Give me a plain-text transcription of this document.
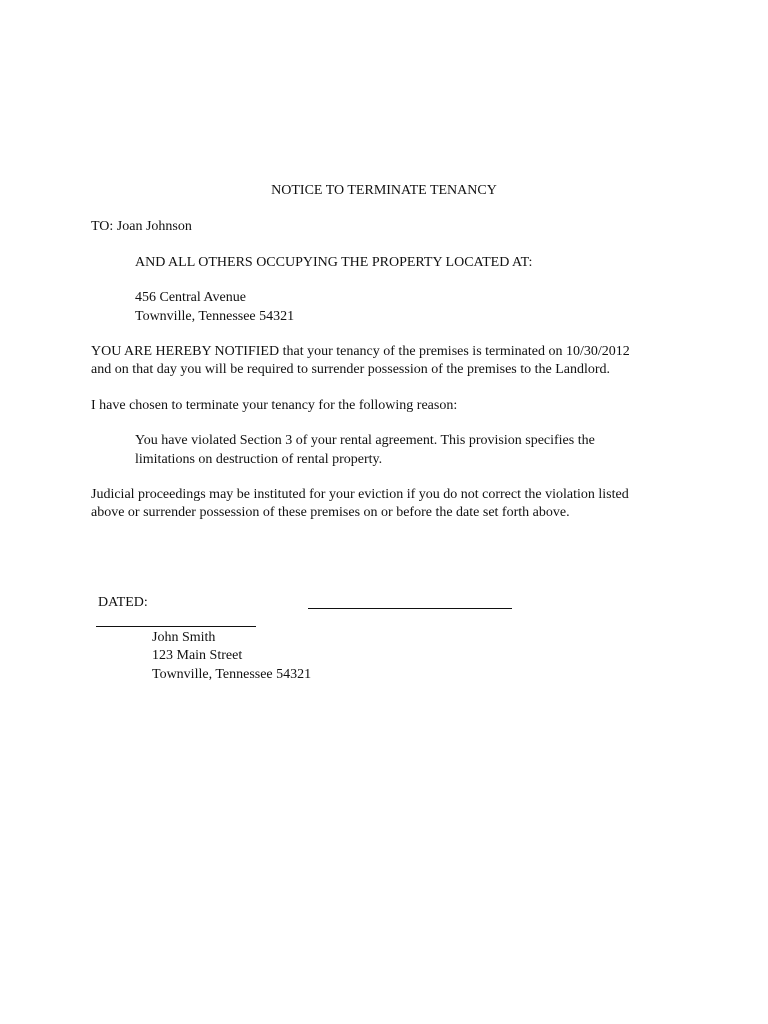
NOTICE TO TERMINATE TENANCY

TO: Joan Johnson

AND ALL OTHERS OCCUPYING THE PROPERTY LOCATED AT:

456 Central Avenue

Townville, Tennessee 54321

YOU ARE HEREBY NOTIFIED that your tenancy of the premises is terminated on 10/30/2012

and on that day you will be required to surrender possession of the premises to the Landlord.

I have chosen to terminate your tenancy for the following reason:

You have violated Section 3 of your rental agreement. This provision specifies the

limitations on destruction of rental property.

Judicial proceedings may be instituted for your eviction if you do not correct the violation listed

above or surrender possession of these premises on or before the date set forth above.

DATED:

John Smith

123 Main Street

Townville, Tennessee 54321
